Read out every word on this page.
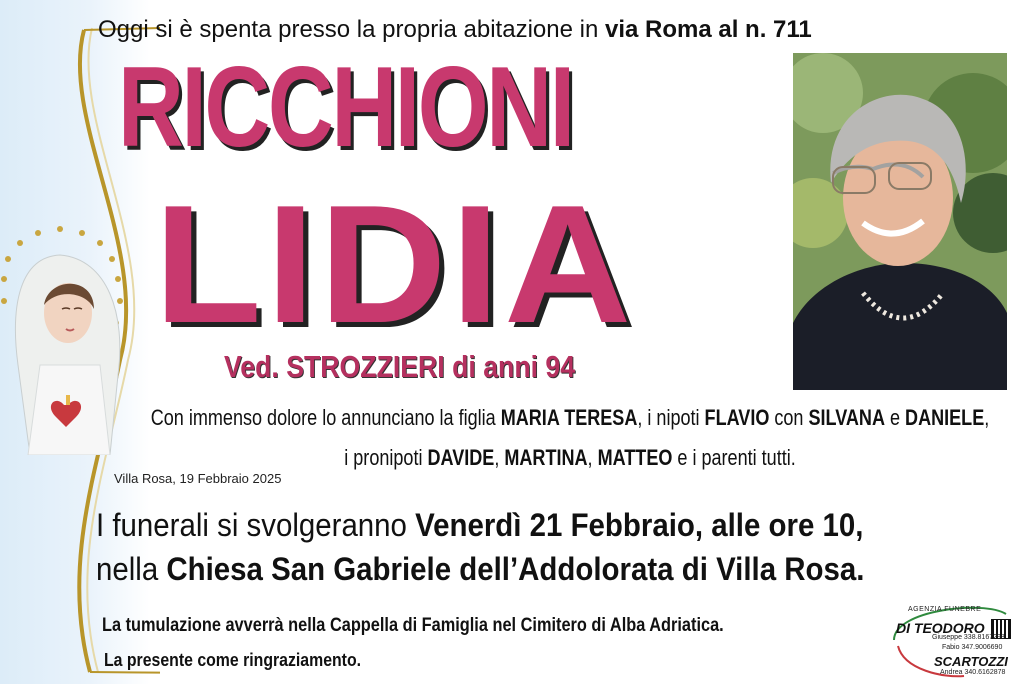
Oggi si è spenta presso la propria abitazione in via Roma al n. 711
RICCHIONI
LIDIA
Ved. STROZZIERI di anni 94
Con immenso dolore lo annunciano la figlia MARIA TERESA, i nipoti FLAVIO con SILVANA e DANIELE,
i pronipoti DAVIDE, MARTINA, MATTEO e i parenti tutti.
Villa Rosa, 19 Febbraio 2025
I funerali si svolgeranno Venerdì 21 Febbraio, alle ore 10,
nella Chiesa San Gabriele dell’Addolorata di Villa Rosa.
La tumulazione avverrà nella Cappella di Famiglia nel Cimitero di Alba Adriatica.
La presente come ringraziamento.
AGENZIA FUNEBRE
DI TEODORO
Giuseppe 338.8167298
Fabio 347.9006690
SCARTOZZI
Andrea 340.6162878
